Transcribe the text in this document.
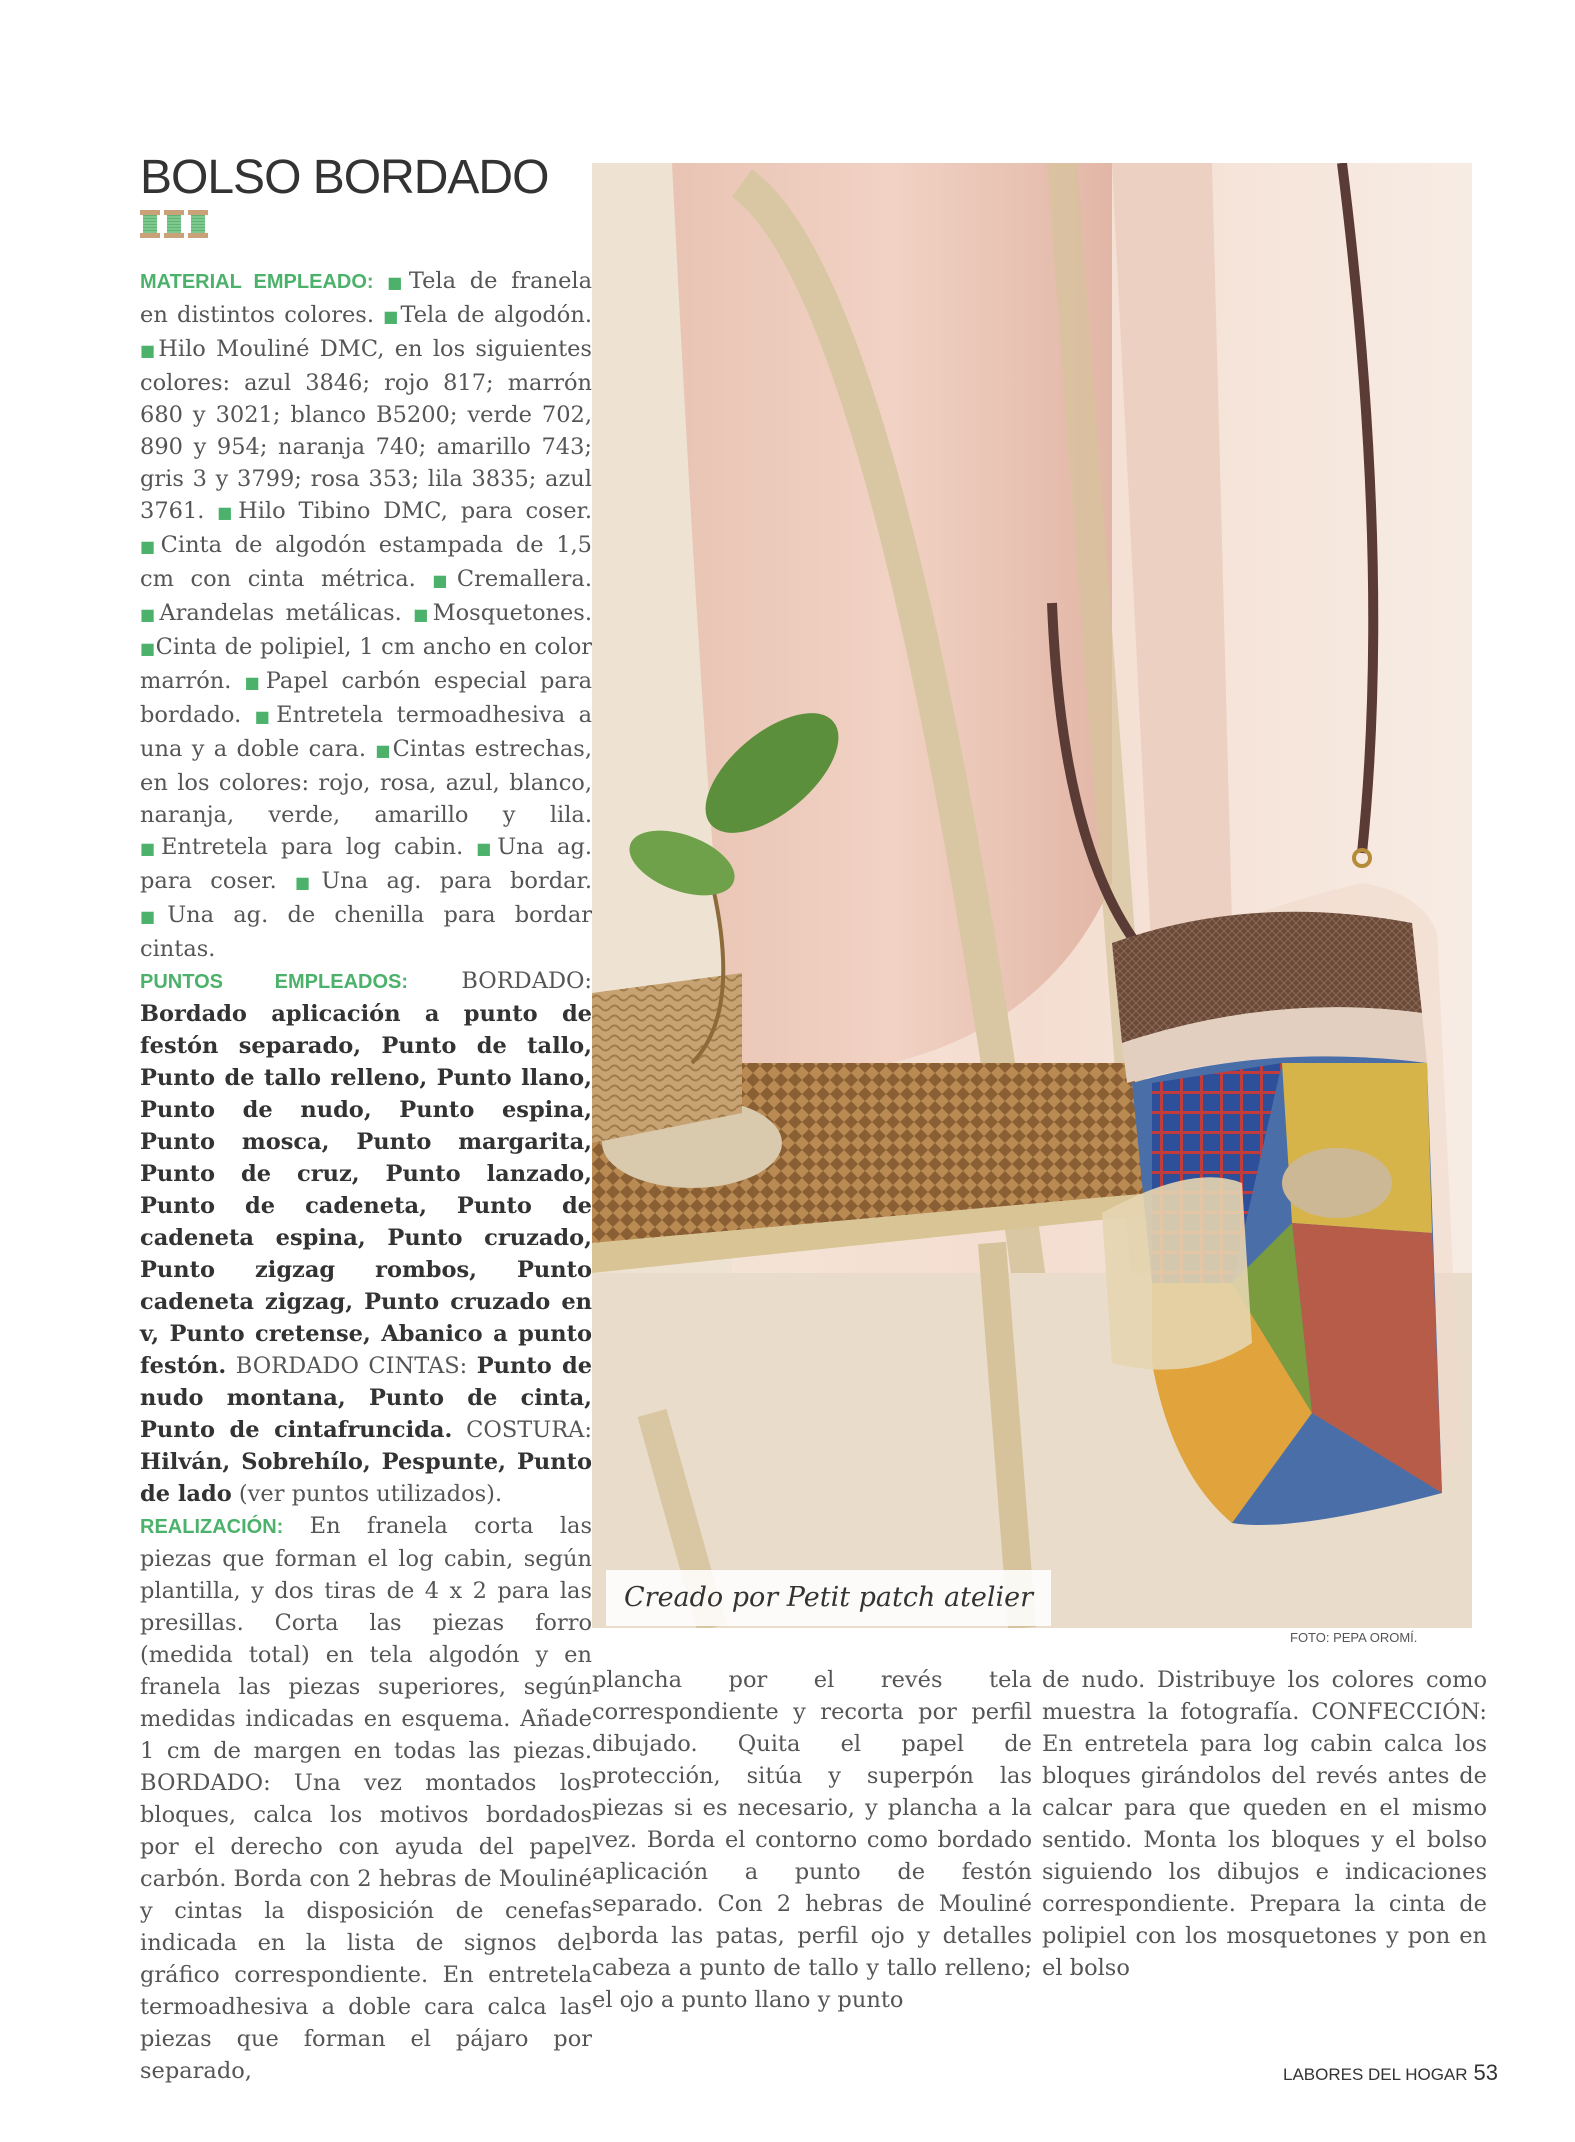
BOLSO BORDADO

MATERIAL EMPLEADO: ■Tela de franela en distintos colores. ■Tela de algodón. ■Hilo Mouliné DMC, en los siguientes colores: azul 3846; rojo 817; marrón 680 y 3021; blanco B5200; verde 702, 890 y 954; naranja 740; amarillo 743; gris 3 y 3799; rosa 353; lila 3835; azul 3761. ■Hilo Tibino DMC, para coser. ■Cinta de algodón estampada de 1,5 cm con cinta métrica. ■Cremallera. ■Arandelas metálicas. ■Mosquetones. ■Cinta de polipiel, 1 cm ancho en color marrón. ■Papel carbón especial para bordado. ■Entretela termoadhesiva a una y a doble cara. ■Cintas estrechas, en los colores: rojo, rosa, azul, blanco, naranja, verde, amarillo y lila. ■Entretela para log cabin. ■Una ag. para coser. ■Una ag. para bordar. ■Una ag. de chenilla para bordar cintas.

PUNTOS EMPLEADOS: BORDADO: Bordado aplicación a punto de festón separado, Punto de tallo, Punto de tallo relleno, Punto llano, Punto de nudo, Punto espina, Punto mosca, Punto margarita, Punto de cruz, Punto lanzado, Punto de cadeneta, Punto de cadeneta espina, Punto cruzado, Punto zigzag rombos, Punto cadeneta zigzag, Punto cruzado en v, Punto cretense, Abanico a punto festón. BORDADO CINTAS: Punto de nudo montana, Punto de cinta, Punto de cintafruncida. COSTURA: Hilván, Sobrehílo, Pespunte, Punto de lado (ver puntos utilizados).

REALIZACIÓN: En franela corta las piezas que forman el log cabin, según plantilla, y dos tiras de 4 x 2 para las presillas. Corta las piezas forro (medida total) en tela algodón y en franela las piezas superiores, según medidas indicadas en esquema. Añade 1 cm de margen en todas las piezas. BORDADO: Una vez montados los bloques, calca los motivos bordados por el derecho con ayuda del papel carbón. Borda con 2 hebras de Mouliné y cintas la disposición de cenefas indicada en la lista de signos del gráfico correspondiente. En entretela termoadhesiva a doble cara calca las piezas que forman el pájaro por separado,

Creado por Petit patch atelier
FOTO: PEPA OROMÍ.

plancha por el revés tela correspondiente y recorta por perfil dibujado. Quita el papel de protección, sitúa y superpón las piezas si es necesario, y plancha a la vez. Borda el contorno como bordado aplicación a punto de festón separado. Con 2 hebras de Mouliné borda las patas, perfil ojo y detalles cabeza a punto de tallo y tallo relleno; el ojo a punto llano y punto

de nudo. Distribuye los colores como muestra la fotografía. CONFECCIÓN: En entretela para log cabin calca los bloques girándolos del revés antes de calcar para que queden en el mismo sentido. Monta los bloques y el bolso siguiendo los dibujos e indicaciones correspondiente. Prepara la cinta de polipiel con los mosquetones y pon en el bolso

LABORES DEL HOGAR 53
